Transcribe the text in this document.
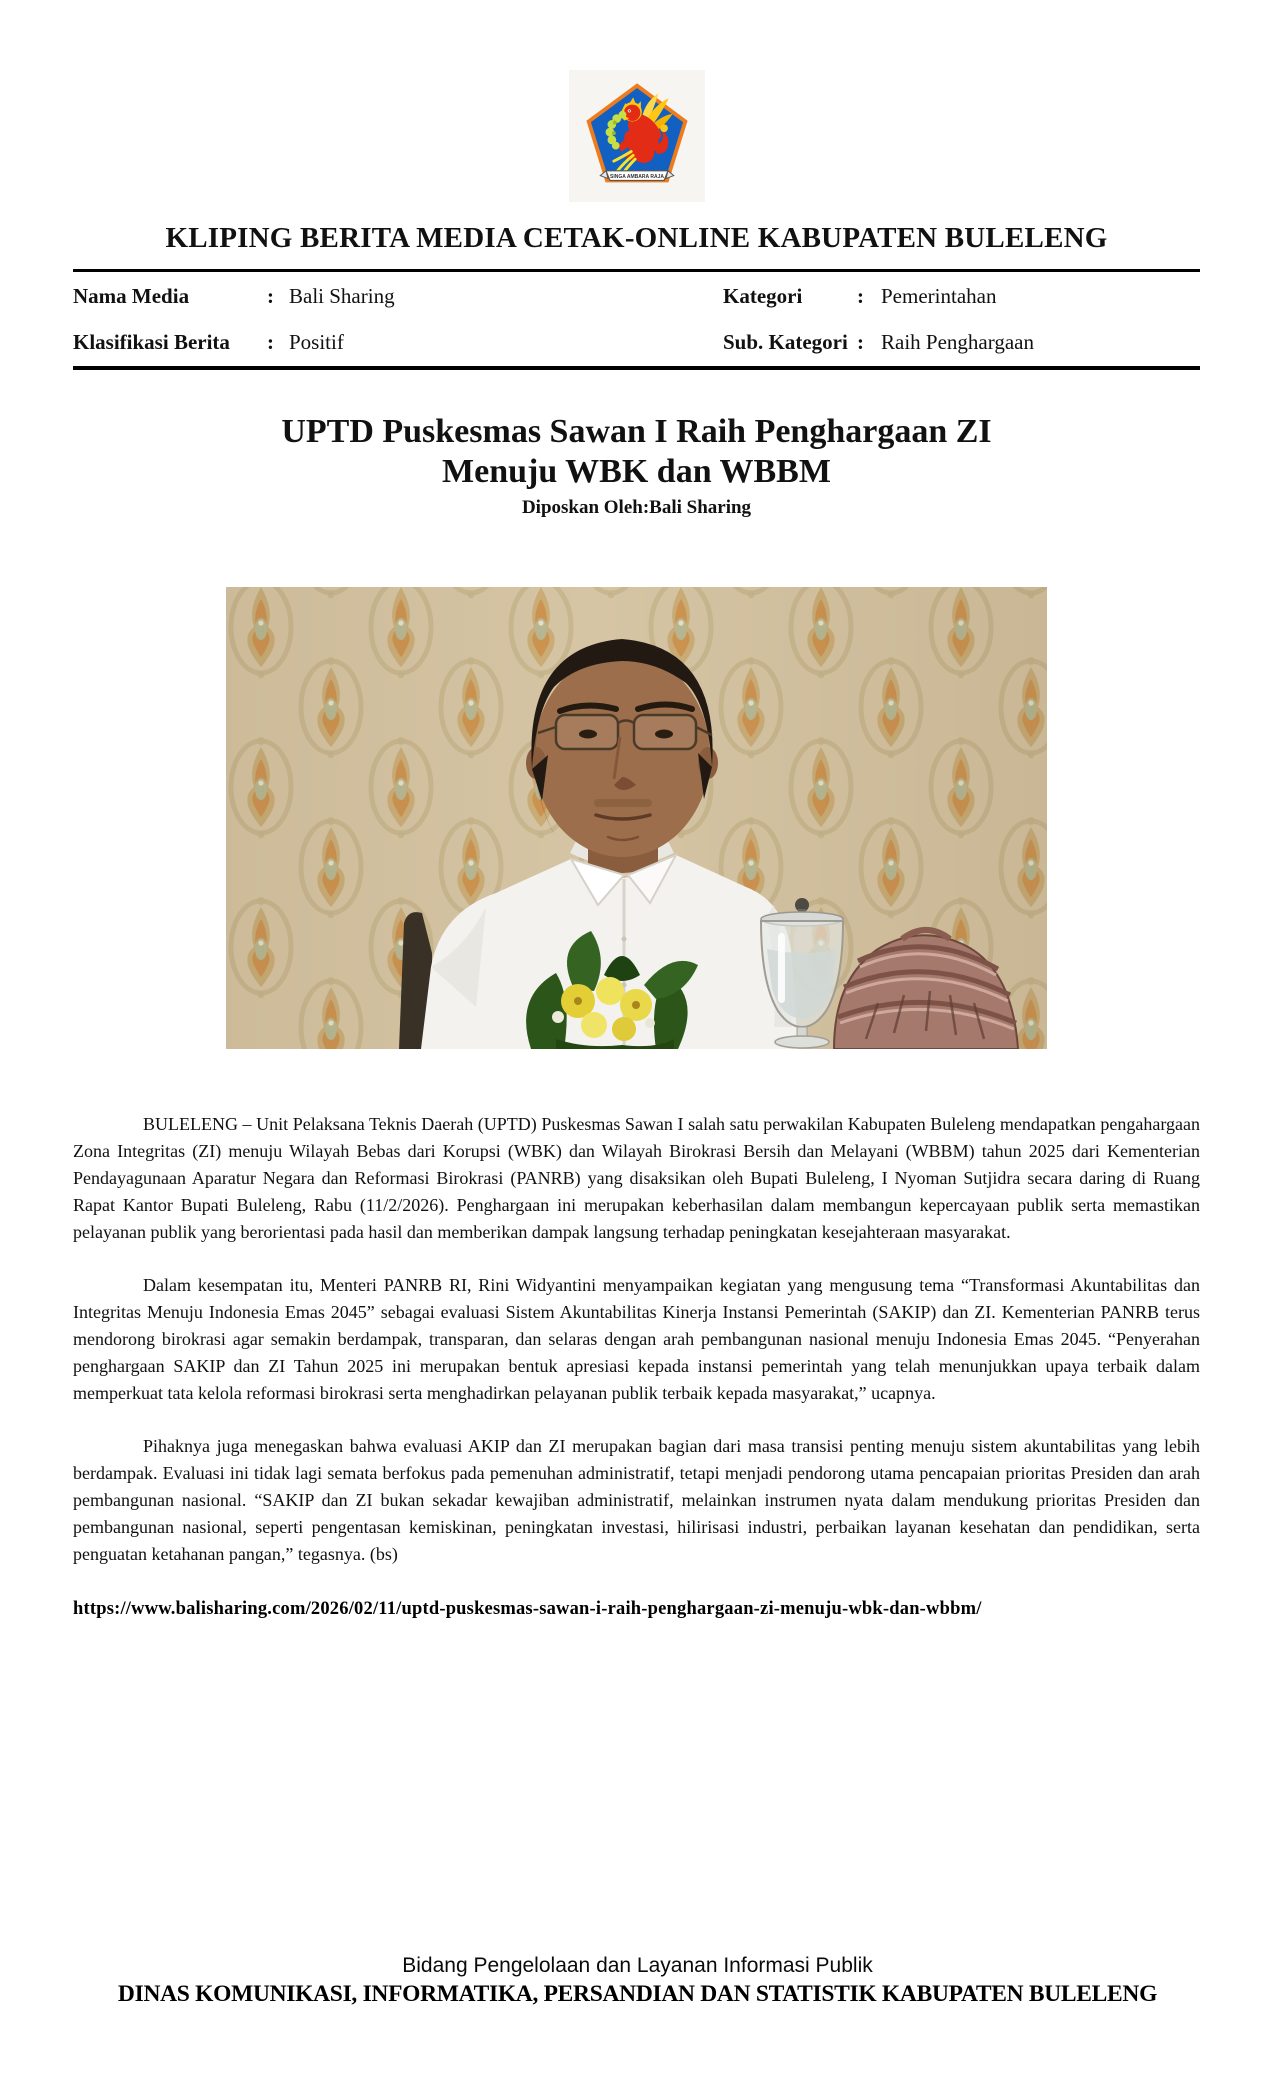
SINGA AMBARA RAJA
KLIPING BERITA MEDIA CETAK-ONLINE KABUPATEN BULELENG
Nama Media	: Bali Sharing
Klasifikasi Berita	: Positif
Kategori	: Pemerintahan
Sub. Kategori : Raih Penghargaan
UPTD Puskesmas Sawan I Raih Penghargaan ZI
Menuju WBK dan WBBM
Diposkan Oleh:Bali Sharing

BULELENG – Unit Pelaksana Teknis Daerah (UPTD) Puskesmas Sawan I salah satu perwakilan Kabupaten Buleleng mendapatkan pengahargaan Zona Integritas (ZI) menuju Wilayah Bebas dari Korupsi (WBK) dan Wilayah Birokrasi Bersih dan Melayani (WBBM) tahun 2025 dari Kementerian Pendayagunaan Aparatur Negara dan Reformasi Birokrasi (PANRB) yang disaksikan oleh Bupati Buleleng, I Nyoman Sutjidra secara daring di Ruang Rapat Kantor Bupati Buleleng, Rabu (11/2/2026). Penghargaan ini merupakan keberhasilan dalam membangun kepercayaan publik serta memastikan pelayanan publik yang berorientasi pada hasil dan memberikan dampak langsung terhadap peningkatan kesejahteraan masyarakat.

Dalam kesempatan itu, Menteri PANRB RI, Rini Widyantini menyampaikan kegiatan yang mengusung tema “Transformasi Akuntabilitas dan Integritas Menuju Indonesia Emas 2045” sebagai evaluasi Sistem Akuntabilitas Kinerja Instansi Pemerintah (SAKIP) dan ZI. Kementerian PANRB terus mendorong birokrasi agar semakin berdampak, transparan, dan selaras dengan arah pembangunan nasional menuju Indonesia Emas 2045. “Penyerahan penghargaan SAKIP dan ZI Tahun 2025 ini merupakan bentuk apresiasi kepada instansi pemerintah yang telah menunjukkan upaya terbaik dalam memperkuat tata kelola reformasi birokrasi serta menghadirkan pelayanan publik terbaik kepada masyarakat,” ucapnya.

Pihaknya juga menegaskan bahwa evaluasi AKIP dan ZI merupakan bagian dari masa transisi penting menuju sistem akuntabilitas yang lebih berdampak. Evaluasi ini tidak lagi semata berfokus pada pemenuhan administratif, tetapi menjadi pendorong utama pencapaian prioritas Presiden dan arah pembangunan nasional. “SAKIP dan ZI bukan sekadar kewajiban administratif, melainkan instrumen nyata dalam mendukung prioritas Presiden dan pembangunan nasional, seperti pengentasan kemiskinan, peningkatan investasi, hilirisasi industri, perbaikan layanan kesehatan dan pendidikan, serta penguatan ketahanan pangan,” tegasnya. (bs)

https://www.balisharing.com/2026/02/11/uptd-puskesmas-sawan-i-raih-penghargaan-zi-menuju-wbk-dan-wbbm/
Bidang Pengelolaan dan Layanan Informasi Publik
DINAS KOMUNIKASI, INFORMATIKA, PERSANDIAN DAN STATISTIK KABUPATEN BULELENG
